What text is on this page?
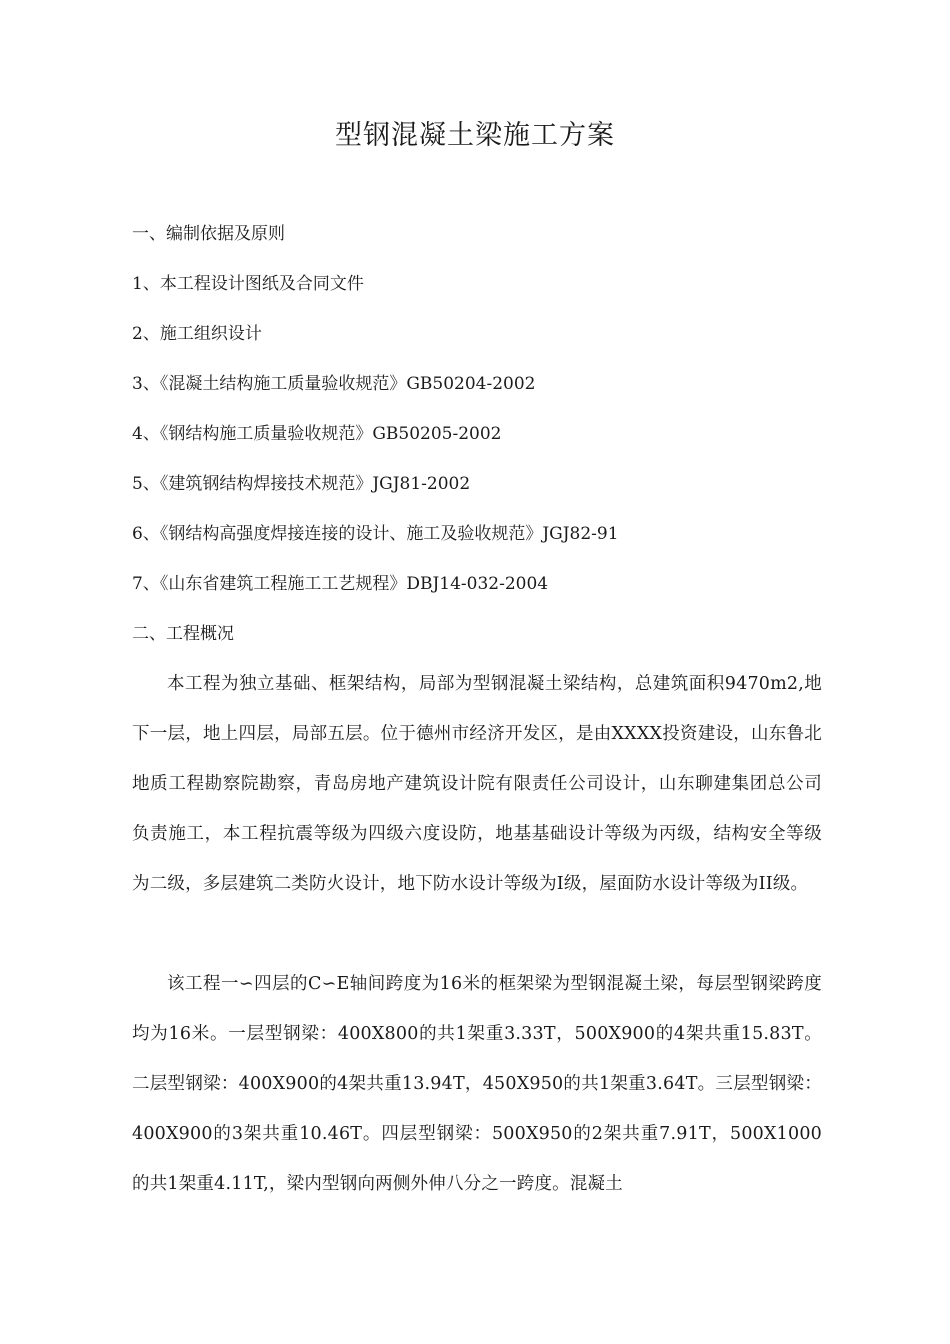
型钢混凝土梁施工方案
一、编制依据及原则
1、本工程设计图纸及合同文件
2、施工组织设计
3、《混凝土结构施工质量验收规范》GB50204-2002
4、《钢结构施工质量验收规范》GB50205-2002
5、《建筑钢结构焊接技术规范》JGJ81-2002
6、《钢结构高强度焊接连接的设计、施工及验收规范》JGJ82-91
7、《山东省建筑工程施工工艺规程》DBJ14-032-2004
二、工程概况
本工程为独立基础、框架结构，局部为型钢混凝土梁结构，总建筑面积9470m2,地下一层，地上四层，局部五层。位于德州市经济开发区，是由XXXX投资建设，山东鲁北地质工程勘察院勘察，青岛房地产建筑设计院有限责任公司设计，山东聊建集团总公司负责施工，本工程抗震等级为四级六度设防，地基基础设计等级为丙级，结构安全等级为二级，多层建筑二类防火设计，地下防水设计等级为I级，屋面防水设计等级为II级。
该工程一∽四层的C∽E轴间跨度为16米的框架梁为型钢混凝土梁，每层型钢梁跨度均为16米。一层型钢梁：400X800的共1架重3.33T，500X900的4架共重15.83T。二层型钢梁：400X900的4架共重13.94T，450X950的共1架重3.64T。三层型钢梁：400X900的3架共重10.46T。四层型钢梁：500X950的2架共重7.91T，500X1000的共1架重4.11T,，梁内型钢向两侧外伸八分之一跨度。混凝土
